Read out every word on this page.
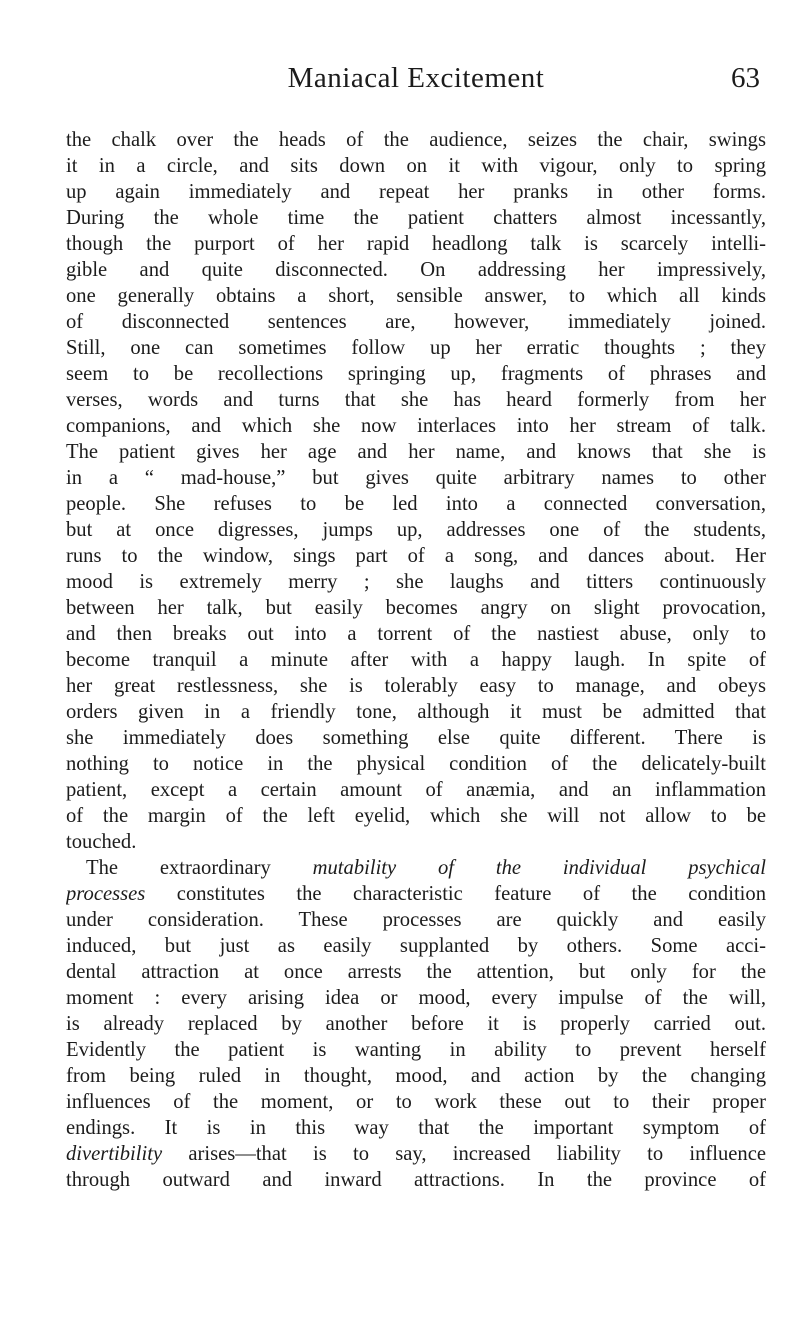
Maniacal Excitement	63
the chalk over the heads of the audience, seizes the chair, swings
it in a circle, and sits down on it with vigour, only to spring
up again immediately and repeat her pranks in other forms.
During the whole time the patient chatters almost incessantly,
though the purport of her rapid headlong talk is scarcely intelli-
gible and quite disconnected. On addressing her impressively,
one generally obtains a short, sensible answer, to which all kinds
of disconnected sentences are, however, immediately joined.
Still, one can sometimes follow up her erratic thoughts ; they
seem to be recollections springing up, fragments of phrases and
verses, words and turns that she has heard formerly from her
companions, and which she now interlaces into her stream of talk.
The patient gives her age and her name, and knows that she is
in a “ mad-house,” but gives quite arbitrary names to other
people. She refuses to be led into a connected conversation,
but at once digresses, jumps up, addresses one of the students,
runs to the window, sings part of a song, and dances about. Her
mood is extremely merry ; she laughs and titters continuously
between her talk, but easily becomes angry on slight provocation,
and then breaks out into a torrent of the nastiest abuse, only to
become tranquil a minute after with a happy laugh. In spite of
her great restlessness, she is tolerably easy to manage, and obeys
orders given in a friendly tone, although it must be admitted that
she immediately does something else quite different. There is
nothing to notice in the physical condition of the delicately-built
patient, except a certain amount of anæmia, and an inflammation
of the margin of the left eyelid, which she will not allow to be
touched.
The extraordinary mutability of the individual psychical
processes constitutes the characteristic feature of the condition
under consideration. These processes are quickly and easily
induced, but just as easily supplanted by others. Some acci-
dental attraction at once arrests the attention, but only for the
moment : every arising idea or mood, every impulse of the will,
is already replaced by another before it is properly carried out.
Evidently the patient is wanting in ability to prevent herself
from being ruled in thought, mood, and action by the changing
influences of the moment, or to work these out to their proper
endings. It is in this way that the important symptom of
divertibility arises—that is to say, increased liability to influence
through outward and inward attractions. In the province of
